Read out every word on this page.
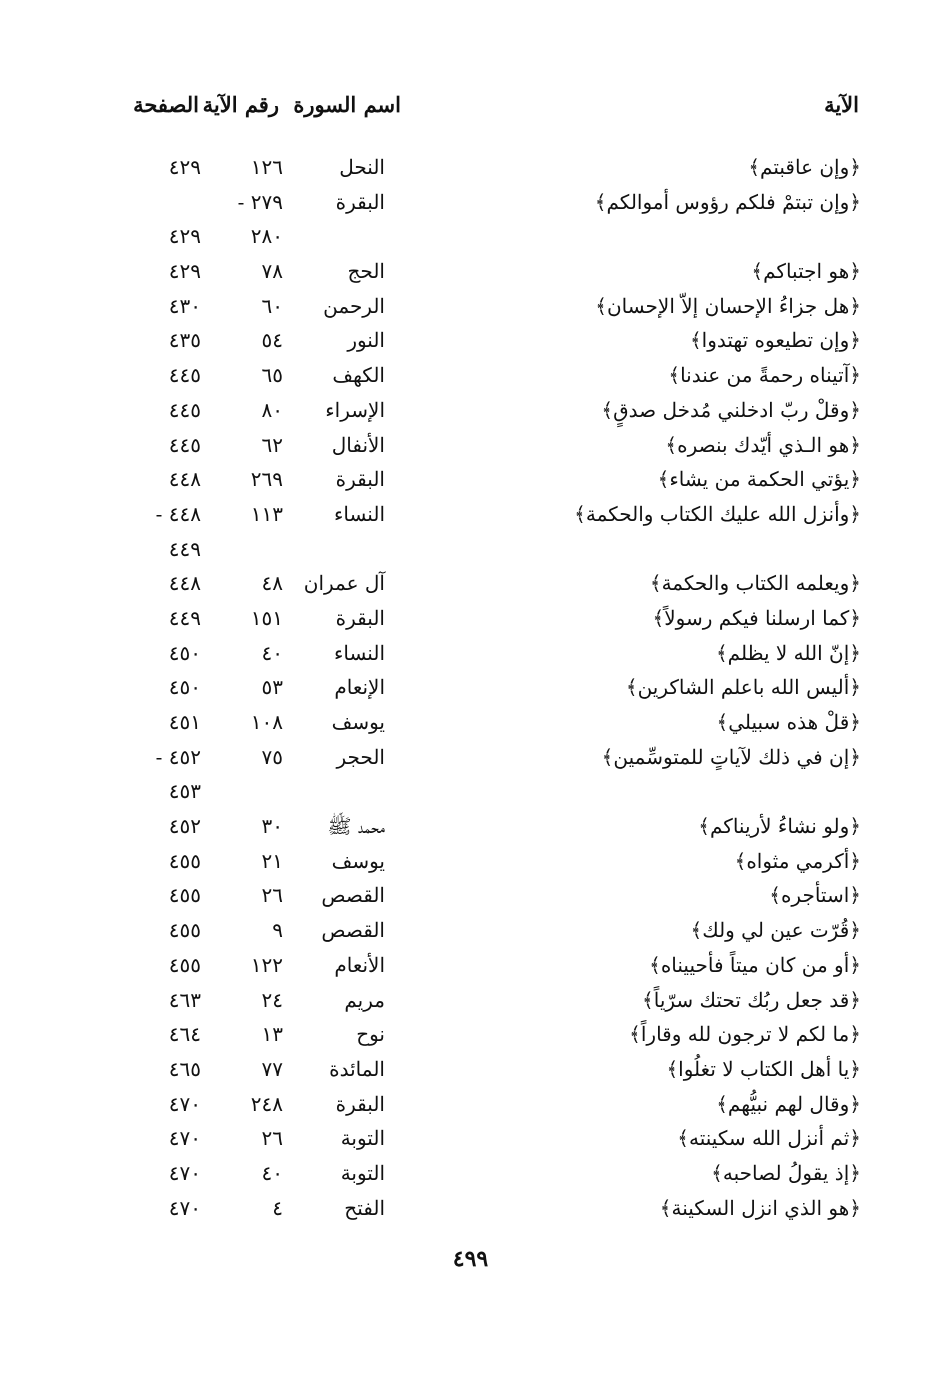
الآية
اسم السورة
رقم الآية
الصفحة
﴿وإن عاقبتم﴾
النحل
١٢٦
٤٢٩
﴿وإن تبتمْ فلكم رؤوس أموالكم﴾
البقرة
٢٧٩ -
٢٨٠
٤٢٩
﴿هو اجتباكم﴾
الحج
٧٨
٤٢٩
﴿هل جزاءُ الإحسان إلاّ الإحسان﴾
الرحمن
٦٠
٤٣٠
﴿وإن تطيعوه تهتدوا﴾
النور
٥٤
٤٣٥
﴿آتيناه رحمةً من عندنا﴾
الكهف
٦٥
٤٤٥
﴿وقلْ ربّ ادخلني مُدخل صدقٍ﴾
الإسراء
٨٠
٤٤٥
﴿هو الـذي أيّدك بنصره﴾
الأنفال
٦٢
٤٤٥
﴿يؤتي الحكمة من يشاء﴾
البقرة
٢٦٩
٤٤٨
﴿وأنزل الله عليك الكتاب والحكمة﴾
النساء
١١٣
٤٤٨ -
٤٤٩
﴿ويعلمه الكتاب والحكمة﴾
آل عمران
٤٨
٤٤٨
﴿كما ارسلنا فيكم رسولاً﴾
البقرة
١٥١
٤٤٩
﴿إنّ الله لا يظلم﴾
النساء
٤٠
٤٥٠
﴿أليس الله باعلم الشاكرين﴾
الإنعام
٥٣
٤٥٠
﴿قلْ هذه سبيلي﴾
يوسف
١٠٨
٤٥١
﴿إن في ذلك لآياتٍ للمتوسِّمين﴾
الحجر
٧٥
٤٥٢ -
٤٥٣
﴿ولو نشاءُ لأريناكم﴾
محمد ﷺ
٣٠
٤٥٢
﴿أكرمي مثواه﴾
يوسف
٢١
٤٥٥
﴿استأجره﴾
القصص
٢٦
٤٥٥
﴿قُرّت عين لي ولك﴾
القصص
٩
٤٥٥
﴿أو من كان ميتاً فأحييناه﴾
الأنعام
١٢٢
٤٥٥
﴿قد جعل ربُك تحتك سرّياً﴾
مريم
٢٤
٤٦٣
﴿ما لكم لا ترجون لله وقاراً﴾
نوح
١٣
٤٦٤
﴿يا أهل الكتاب لا تغلُوا﴾
المائدة
٧٧
٤٦٥
﴿وقال لهم نبيُّهم﴾
البقرة
٢٤٨
٤٧٠
﴿ثم أنزل الله سكينته﴾
التوبة
٢٦
٤٧٠
﴿إذ يقولُ لصاحبه﴾
التوبة
٤٠
٤٧٠
﴿هو الذي انزل السكينة﴾
الفتح
٤
٤٧٠
٤٩٩
